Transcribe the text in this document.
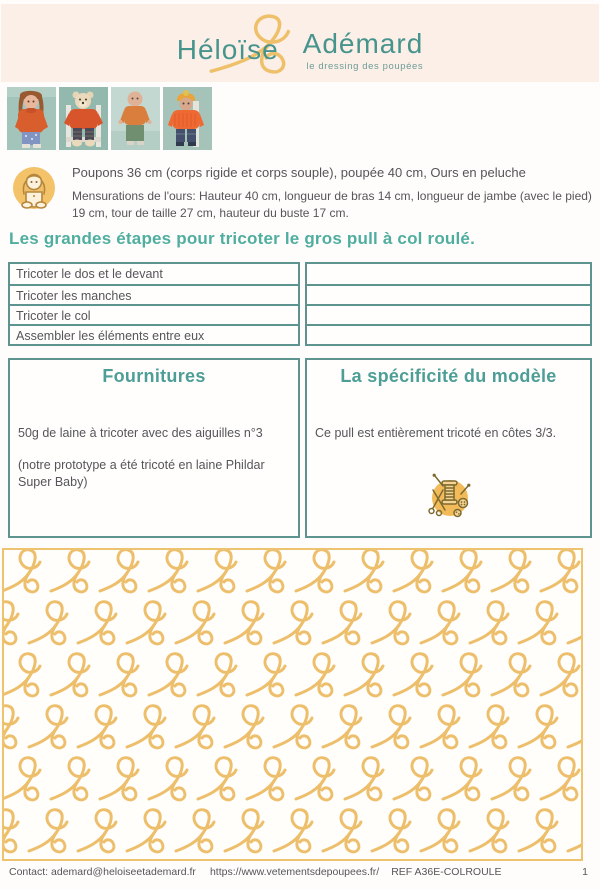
Héloïse Adémard
le dressing des poupées
Poupons 36 cm (corps rigide et corps souple), poupée 40 cm, Ours en peluche
Mensurations de l'ours: Hauteur 40 cm, longueur de bras 14 cm, longueur de jambe (avec le pied) 19 cm, tour de taille 27 cm, hauteur du buste 17 cm.
Les grandes étapes pour tricoter le gros pull à col roulé.
Tricoter le dos et le devant
Tricoter les manches
Tricoter le col
Assembler les éléments entre eux
Fournitures
50g de laine à tricoter avec des aiguilles n°3
(notre prototype a été tricoté en laine Phildar Super Baby)
La spécificité du modèle
Ce pull est entièrement tricoté en côtes 3/3.
Contact: ademard@heloiseetademard.fr https://www.vetementsdepoupees.fr/ REF A36E-COLROULE	1
